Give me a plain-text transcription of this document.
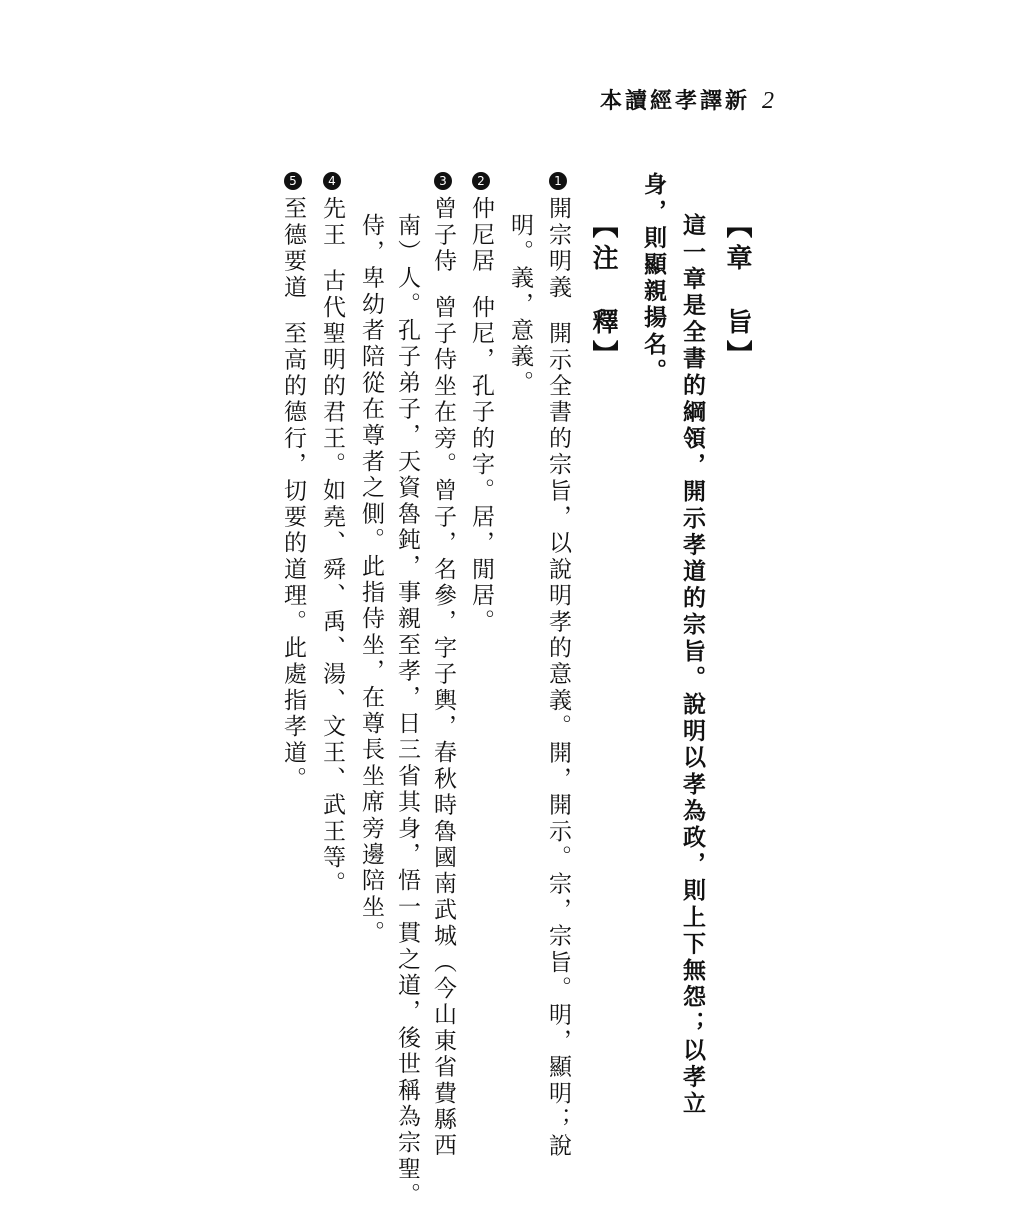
本讀經孝譯新 2
【章　旨】
這一章是全書的綱領，開示孝道的宗旨。說明以孝為政，則上下無怨；以孝立
身，則顯親揚名。
【注　釋】
1開宗明義開示全書的宗旨，以說明孝的意義。開，開示。宗，宗旨。明，顯明；說
明。義，意義。
2仲尼居仲尼，孔子的字。居，閒居。
3曾子侍曾子侍坐在旁。曾子，名參，字子輿，春秋時魯國南武城（今山東省費縣西
南）人。孔子弟子，天資魯鈍，事親至孝，日三省其身，悟一貫之道，後世稱為宗聖。
侍，卑幼者陪從在尊者之側。此指侍坐，在尊長坐席旁邊陪坐。
4先王古代聖明的君王。如堯、舜、禹、湯、文王、武王等。
5至德要道至高的德行，切要的道理。此處指孝道。
